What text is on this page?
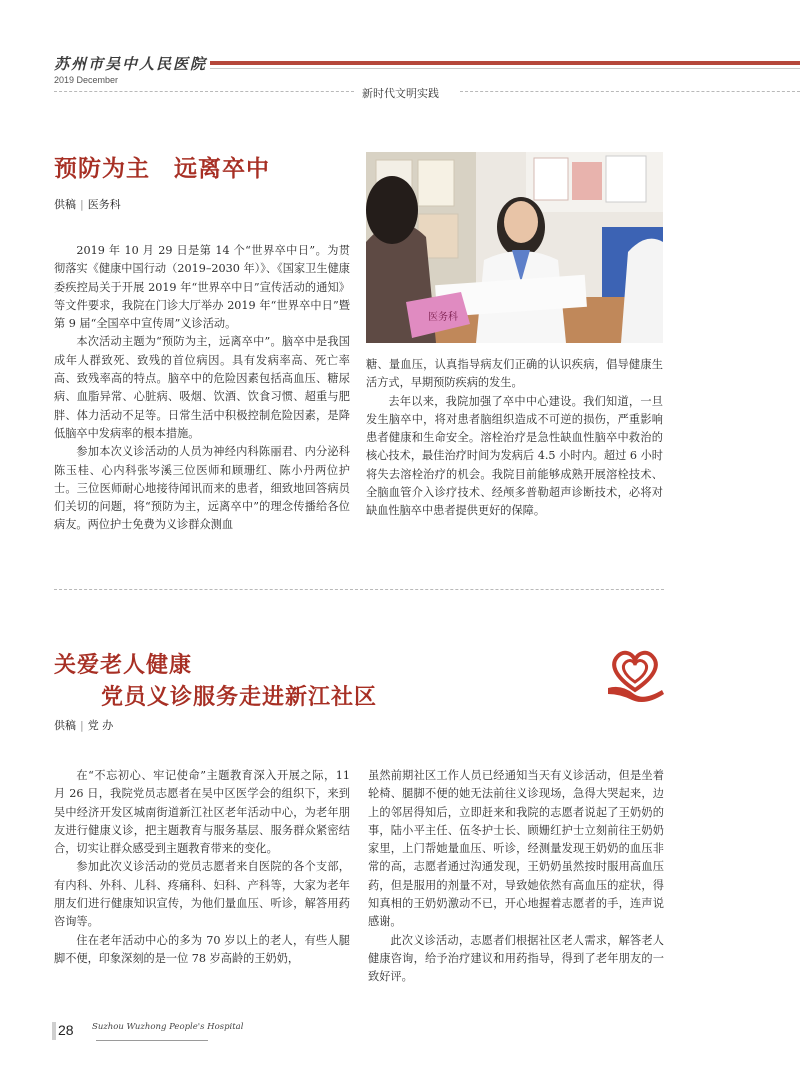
苏州市吴中人民医院
2019 December
新时代文明实践
预防为主　远离卒中
供稿 | 医务科
医务科

2019 年 10 月 29 日是第 14 个“世界卒中日”。为贯彻落实《健康中国行动（2019–2030 年）》、《国家卫生健康委疾控局关于开展 2019 年“世界卒中日”宣传活动的通知》等文件要求，我院在门诊大厅举办 2019 年“世界卒中日”暨第 9 届“全国卒中宣传周”义诊活动。

本次活动主题为“预防为主，远离卒中”。脑卒中是我国成年人群致死、致残的首位病因。具有发病率高、死亡率高、致残率高的特点。脑卒中的危险因素包括高血压、糖尿病、血脂异常、心脏病、吸烟、饮酒、饮食习惯、超重与肥胖、体力活动不足等。日常生活中积极控制危险因素，是降低脑卒中发病率的根本措施。

参加本次义诊活动的人员为神经内科陈丽君、内分泌科陈玉桂、心内科张岑溪三位医师和顾珊红、陈小丹两位护士。三位医师耐心地接待闻讯而来的患者，细致地回答病员们关切的问题，将“预防为主，远离卒中”的理念传播给各位病友。两位护士免费为义诊群众测血

糖、量血压，认真指导病友们正确的认识疾病，倡导健康生活方式，早期预防疾病的发生。

去年以来，我院加强了卒中中心建设。我们知道，一旦发生脑卒中，将对患者脑组织造成不可逆的损伤，严重影响患者健康和生命安全。溶栓治疗是急性缺血性脑卒中救治的核心技术，最佳治疗时间为发病后 4.5 小时内。超过 6 小时将失去溶栓治疗的机会。我院目前能够成熟开展溶栓技术、全脑血管介入诊疗技术、经颅多普勒超声诊断技术，必将对缺血性脑卒中患者提供更好的保障。

关爱老人健康
党员义诊服务走进新江社区
供稿 | 党 办

在“不忘初心、牢记使命”主题教育深入开展之际，11 月 26 日，我院党员志愿者在吴中区医学会的组织下，来到吴中经济开发区城南街道新江社区老年活动中心，为老年朋友进行健康义诊，把主题教育与服务基层、服务群众紧密结合，切实让群众感受到主题教育带来的变化。

参加此次义诊活动的党员志愿者来自医院的各个支部，有内科、外科、儿科、疼痛科、妇科、产科等，大家为老年朋友们进行健康知识宣传，为他们量血压、听诊，解答用药咨询等。

住在老年活动中心的多为 70 岁以上的老人，有些人腿脚不便，印象深刻的是一位 78 岁高龄的王奶奶，

虽然前期社区工作人员已经通知当天有义诊活动，但是坐着轮椅、腿脚不便的她无法前往义诊现场，急得大哭起来，边上的邻居得知后，立即赶来和我院的志愿者说起了王奶奶的事，陆小平主任、伍冬护士长、顾姗红护士立刻前往王奶奶家里，上门帮她量血压、听诊，经测量发现王奶奶的血压非常的高，志愿者通过沟通发现，王奶奶虽然按时服用高血压药，但是服用的剂量不对，导致她依然有高血压的症状，得知真相的王奶奶激动不已，开心地握着志愿者的手，连声说感谢。

此次义诊活动，志愿者们根据社区老人需求，解答老人健康咨询，给予治疗建议和用药指导，得到了老年朋友的一致好评。

28 Suzhou Wuzhong People's Hospital
